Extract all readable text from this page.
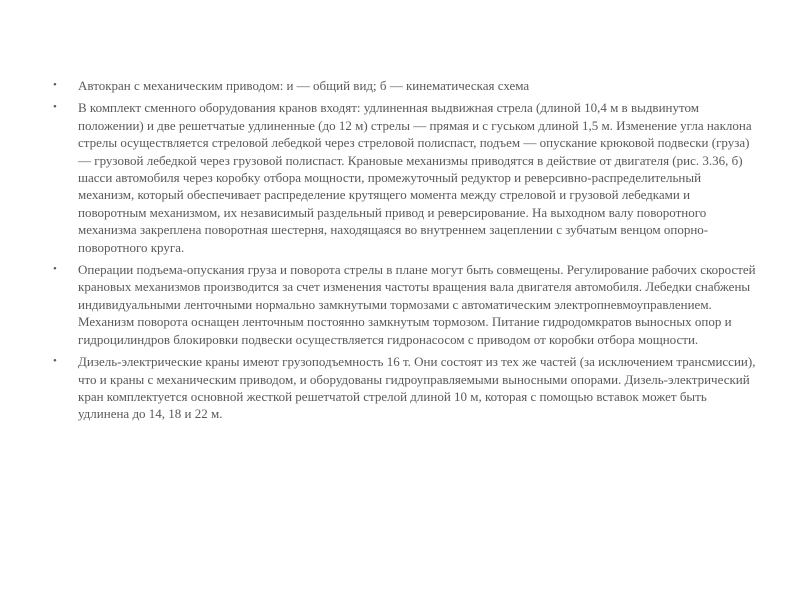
• Автокран с механическим приводом: и — общий вид; б — кинематическая схема
• В комплект сменного оборудования кранов входят: удлиненная выдвижная стрела (длиной 10,4 м в выдвинутом положении) и две решетчатые удлиненные (до 12 м) стрелы — прямая и с гуськом длиной 1,5 м. Изменение угла наклона стрелы осуществляется стреловой лебедкой через стреловой полиспаст, подъем — опускание крюковой подвески (груза) — грузовой лебедкой через грузовой полиспаст. Крановые механизмы приводятся в действие от двигателя (рис. 3.36, б) шасси автомобиля через коробку отбора мощности, промежуточный редуктор и реверсивно-распределительный механизм, который обеспечивает распределение крутящего момента между стреловой и грузовой лебедками и поворотным механизмом, их независимый раздельный привод и реверсирование. На выходном валу поворотного механизма закреплена поворотная шестерня, находящаяся во внутреннем зацеплении с зубчатым венцом опорно-поворотного круга.
• Операции подъема-опускания груза и поворота стрелы в плане могут быть совмещены. Регулирование рабочих скоростей крановых механизмов производится за счет изменения частоты вращения вала двигателя автомобиля. Лебедки снабжены индивидуальными ленточными нормально замкнутыми тормозами с автоматическим электропневмоуправлением. Механизм поворота оснащен ленточным постоянно замкнутым тормозом. Питание гидродомкратов выносных опор и гидроцилиндров блокировки подвески осуществляется гидронасосом с приводом от коробки отбора мощности.
• Дизель-электрические краны имеют грузоподъемность 16 т. Они состоят из тех же частей (за исключением трансмиссии), что и краны с механическим приводом, и оборудованы гидроуправляемыми выносными опорами. Дизель-электрический кран комплектуется основной жесткой решетчатой стрелой длиной 10 м, которая с помощью вставок может быть удлинена до 14, 18 и 22 м.
